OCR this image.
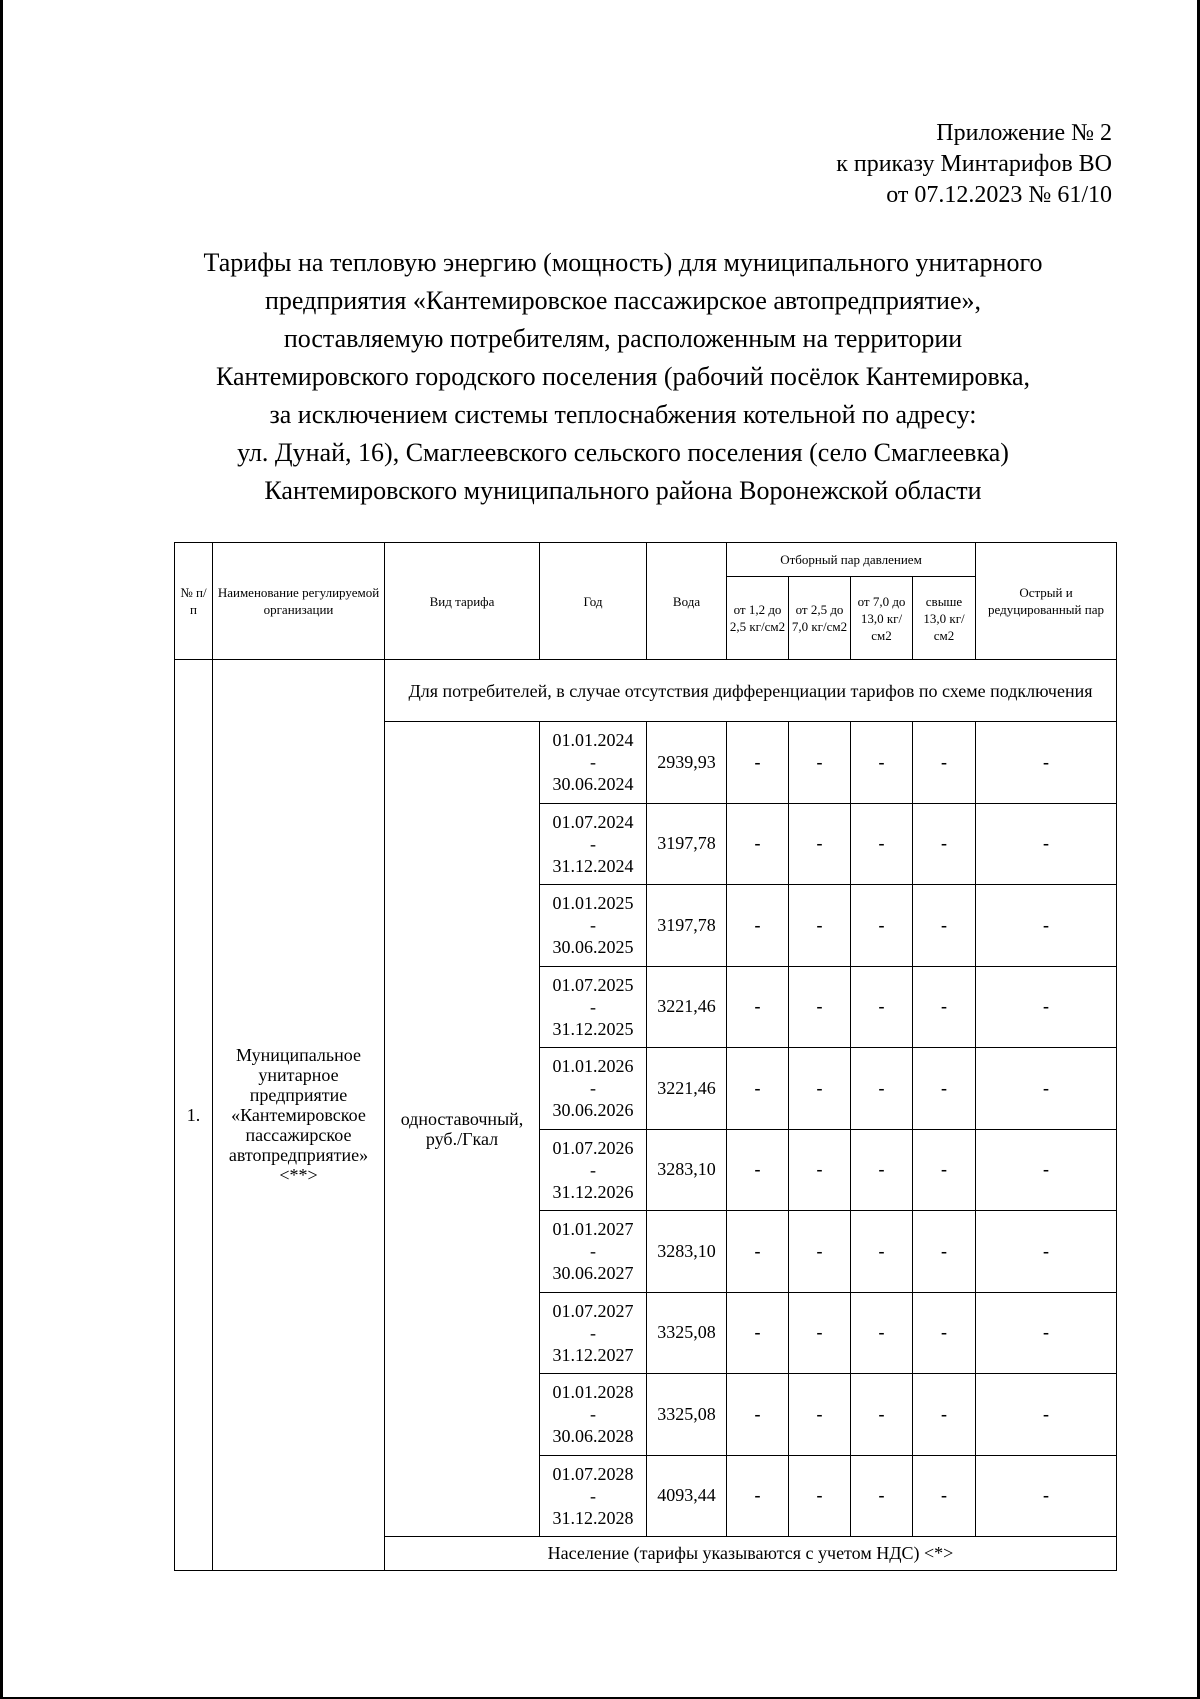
Приложение № 2
к приказу Минтарифов ВО
от 07.12.2023 № 61/10
Тарифы на тепловую энергию (мощность) для муниципального унитарного
предприятия «Кантемировское пассажирское автопредприятие»,
поставляемую потребителям, расположенным на территории
Кантемировского городского поселения (рабочий посёлок Кантемировка,
за исключением системы теплоснабжения котельной по адресу:
ул. Дунай, 16), Смаглеевского сельского поселения (село Смаглеевка)
Кантемировского муниципального района Воронежской области
№ п/п	Наименование регулируемой организации	Вид тарифа	Год	Вода	Отборный пар давлением				Острый и редуцированный пар
					от 1,2 до 2,5 кг/см2	от 2,5 до 7,0 кг/см2	от 7,0 до 13,0 кг/см2	свыше 13,0 кг/см2	
1.	Муниципальное унитарное предприятие «Кантемировское пассажирское автопредприятие» <**>	Для потребителей, в случае отсутствия дифференциации тарифов по схеме подключения							
		одноставочный, руб./Гкал	01.01.2024
-
30.06.2024	2939,93	-	-	-	-	-

			01.07.2024
-
31.12.2024	3197,78	-	-	-	-	-

			01.01.2025
-
30.06.2025	3197,78	-	-	-	-	-

			01.07.2025
-
31.12.2025	3221,46	-	-	-	-	-

			01.01.2026
-
30.06.2026	3221,46	-	-	-	-	-

			01.07.2026
-
31.12.2026	3283,10	-	-	-	-	-

			01.01.2027
-
30.06.2027	3283,10	-	-	-	-	-

			01.07.2027
-
31.12.2027	3325,08	-	-	-	-	-

			01.01.2028
-
30.06.2028	3325,08	-	-	-	-	-

			01.07.2028
-
31.12.2028	4093,44	-	-	-	-	-
		Население (тарифы указываются с учетом НДС) <*>							
